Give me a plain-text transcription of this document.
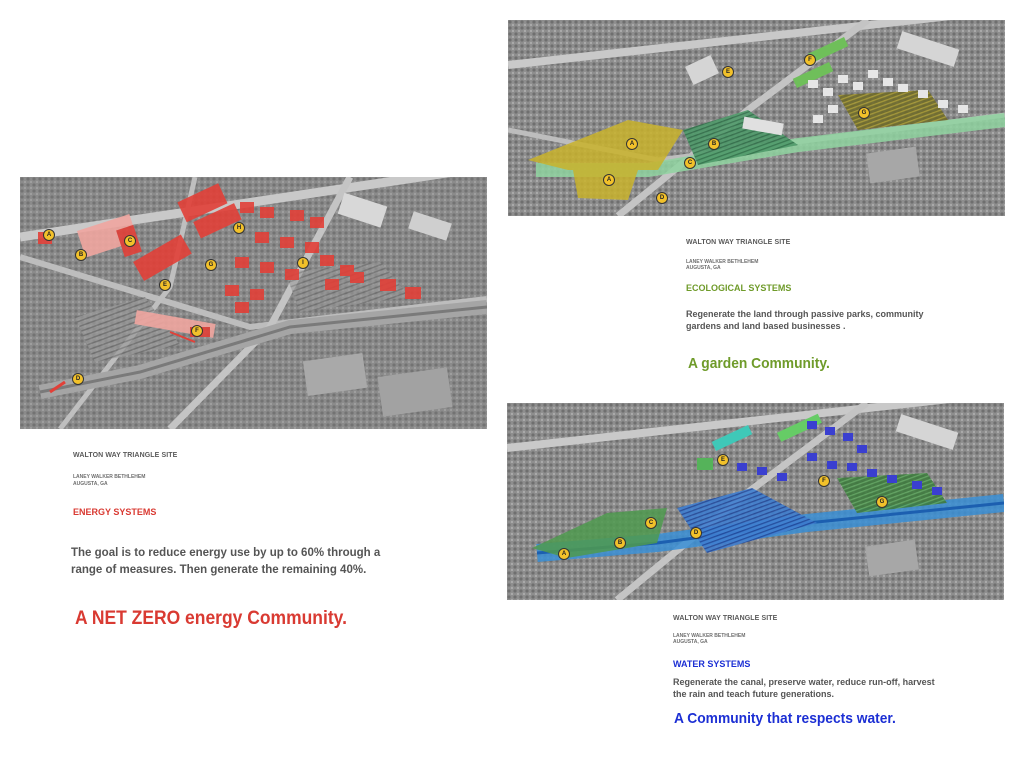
A
B
C
D
E
F
G
H
I

WALTON WAY TRIANGLE SITE

LANEY WALKER BETHLEHEM

AUGUSTA, GA

ENERGY SYSTEMS

The goal is to reduce energy use by up to 60% through a

range of measures. Then generate the remaining 40%.

A NET ZERO energy Community.

A
A
B
C
D
E
F
G

WALTON WAY TRIANGLE SITE

LANEY WALKER BETHLEHEM

AUGUSTA, GA

ECOLOGICAL SYSTEMS

Regenerate the land through passive parks, community

gardens and land based businesses .

A garden Community.

A
B
C
D
E
F
G

WALTON WAY TRIANGLE SITE

LANEY WALKER BETHLEHEM

AUGUSTA, GA

WATER SYSTEMS

Regenerate the canal, preserve water, reduce run-off, harvest

the rain and teach future generations.

A Community that respects water.
